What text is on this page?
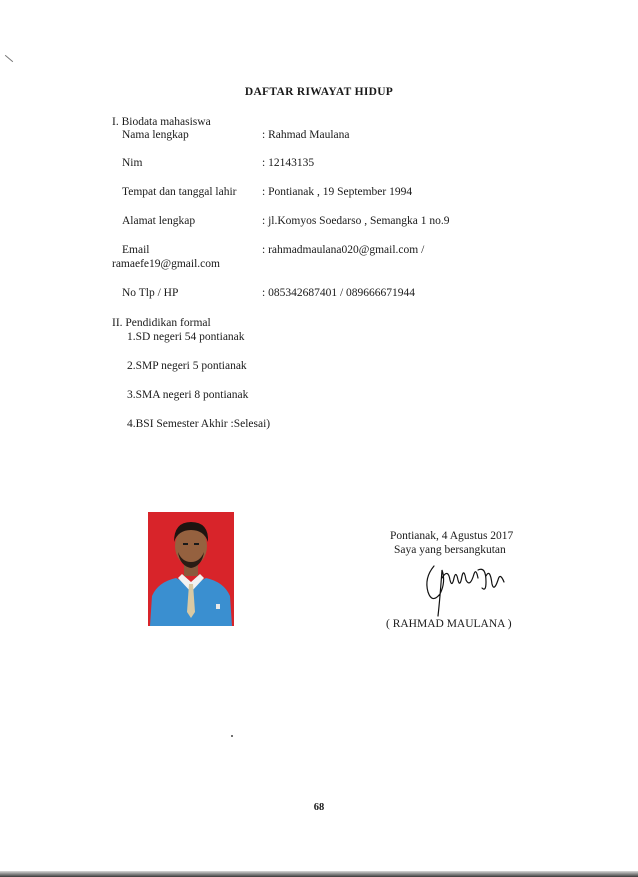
DAFTAR RIWAYAT HIDUP
I. Biodata mahasiswa
Nama lengkap	: Rahmad Maulana
Nim	: 12143135
Tempat dan tanggal lahir : Pontianak , 19 September 1994
Alamat lengkap	: jl.Komyos Soedarso , Semangka 1 no.9
Email	: rahmadmaulana020@gmail.com /
ramaefe19@gmail.com
No Tlp / HP	: 085342687401 / 089666671944
II. Pendidikan formal
1.SD negeri 54 pontianak
2.SMP negeri 5 pontianak
3.SMA negeri 8 pontianak
4.BSI Semester Akhir :Selesai)
Pontianak, 4 Agustus 2017
Saya yang bersangkutan
( RAHMAD MAULANA )
68
